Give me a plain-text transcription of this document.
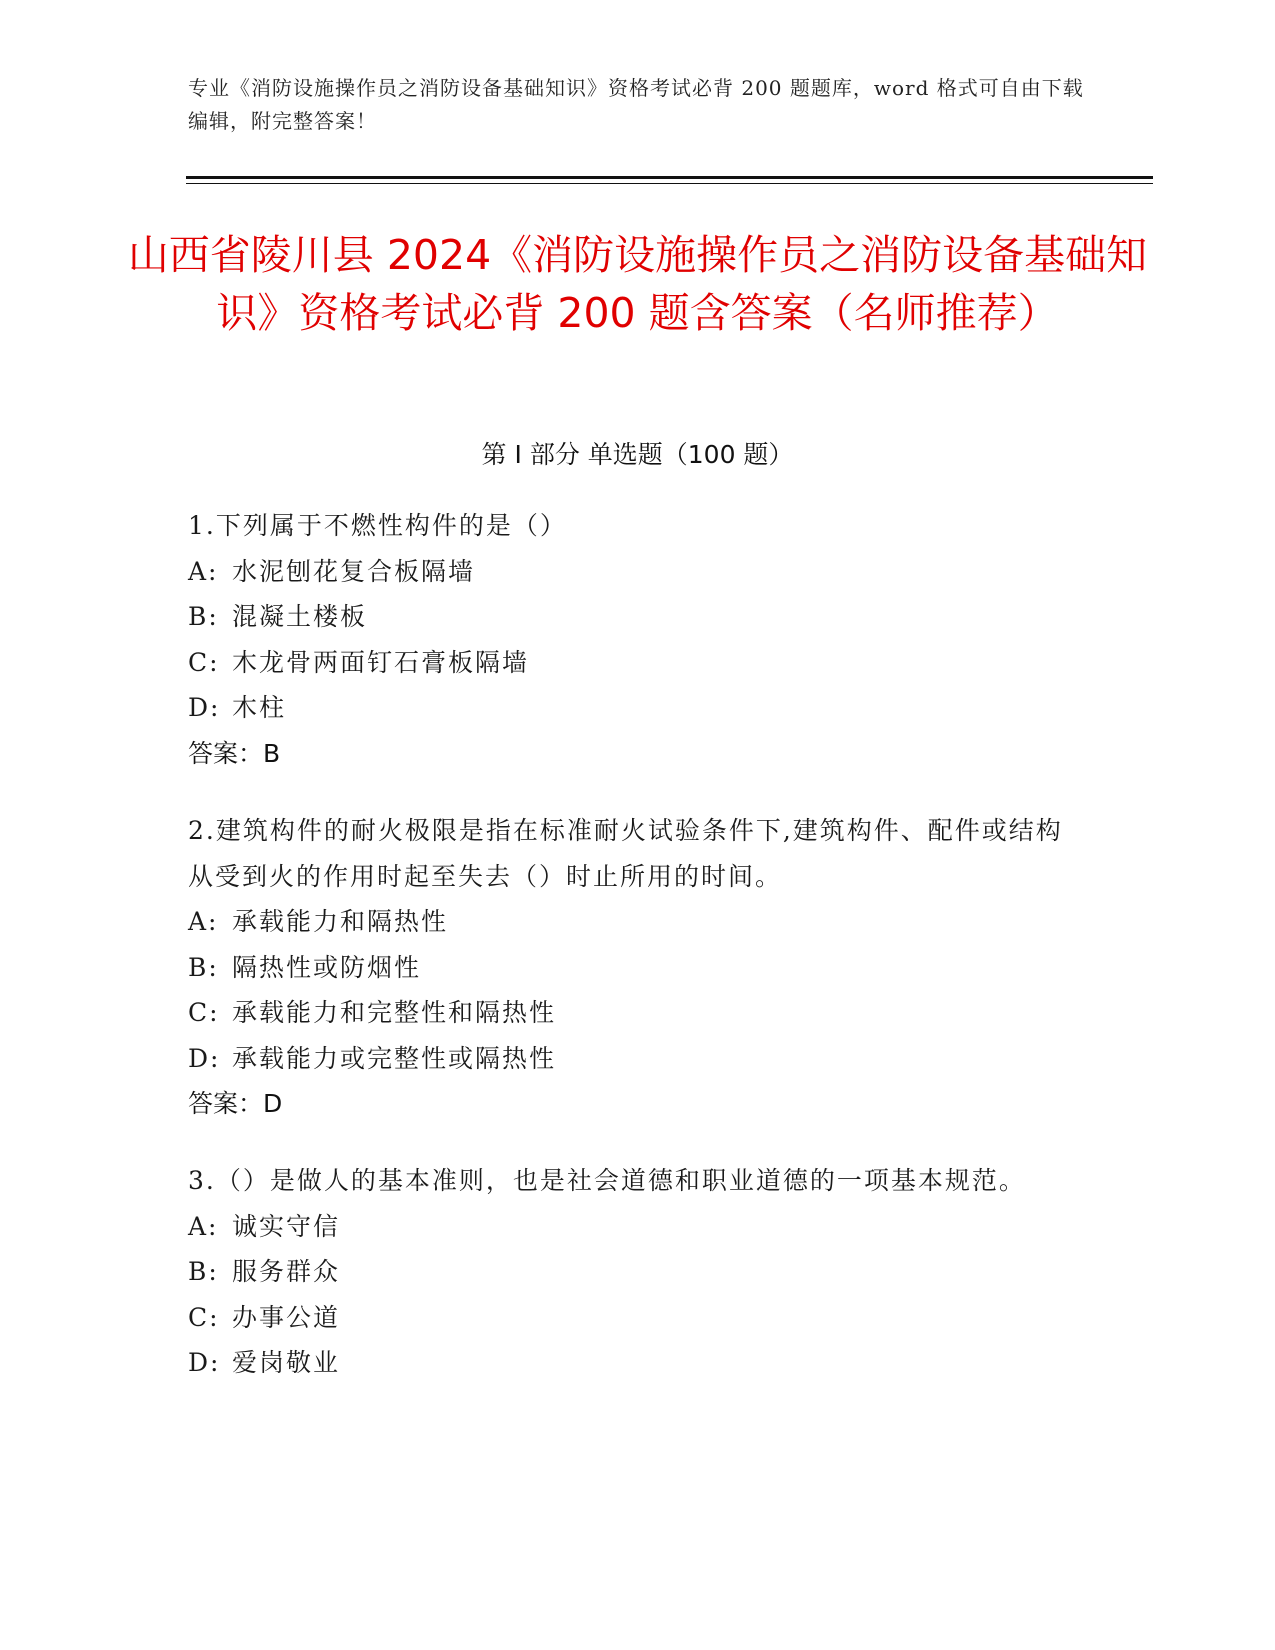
专业《消防设施操作员之消防设备基础知识》资格考试必背 200 题题库，word 格式可自由下载编辑，附完整答案！
山西省陵川县 2024《消防设施操作员之消防设备基础知识》资格考试必背 200 题含答案（名师推荐）
第 I 部分 单选题（100 题）
1.下列属于不燃性构件的是（）
A: 水泥刨花复合板隔墙
B: 混凝土楼板
C: 木龙骨两面钉石膏板隔墙
D: 木柱
答案：B
2.建筑构件的耐火极限是指在标准耐火试验条件下,建筑构件、配件或结构从受到火的作用时起至失去（）时止所用的时间。
A: 承载能力和隔热性
B: 隔热性或防烟性
C: 承载能力和完整性和隔热性
D: 承载能力或完整性或隔热性
答案：D
3.（）是做人的基本准则，也是社会道德和职业道德的一项基本规范。
A: 诚实守信
B: 服务群众
C: 办事公道
D: 爱岗敬业
